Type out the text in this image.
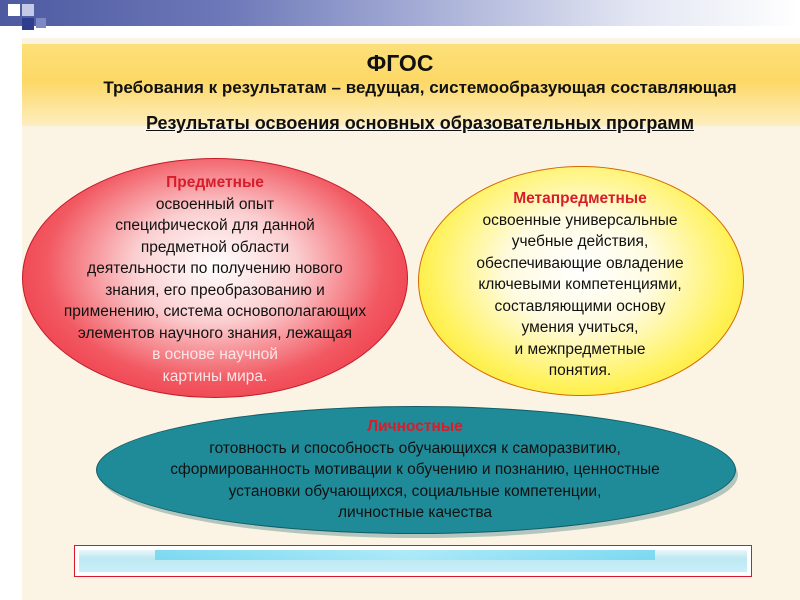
ФГОС
Требования к результатам – ведущая, системообразующая составляющая
Результаты освоения основных образовательных программ
Предметные
освоенный опыт
специфической для данной
предметной области
деятельности по получению нового
знания, его преобразованию и
применению, система основополагающих
элементов научного знания, лежащая
в основе научной
картины мира.
Метапредметные
освоенные универсальные
учебные действия,
обеспечивающие овладение
ключевыми компетенциями,
составляющими основу
умения учиться,
и межпредметные
понятия.
Личностные
готовность и способность обучающихся к саморазвитию,
сформированность мотивации к обучению и познанию, ценностные
установки обучающихся, социальные компетенции,
личностные качества
